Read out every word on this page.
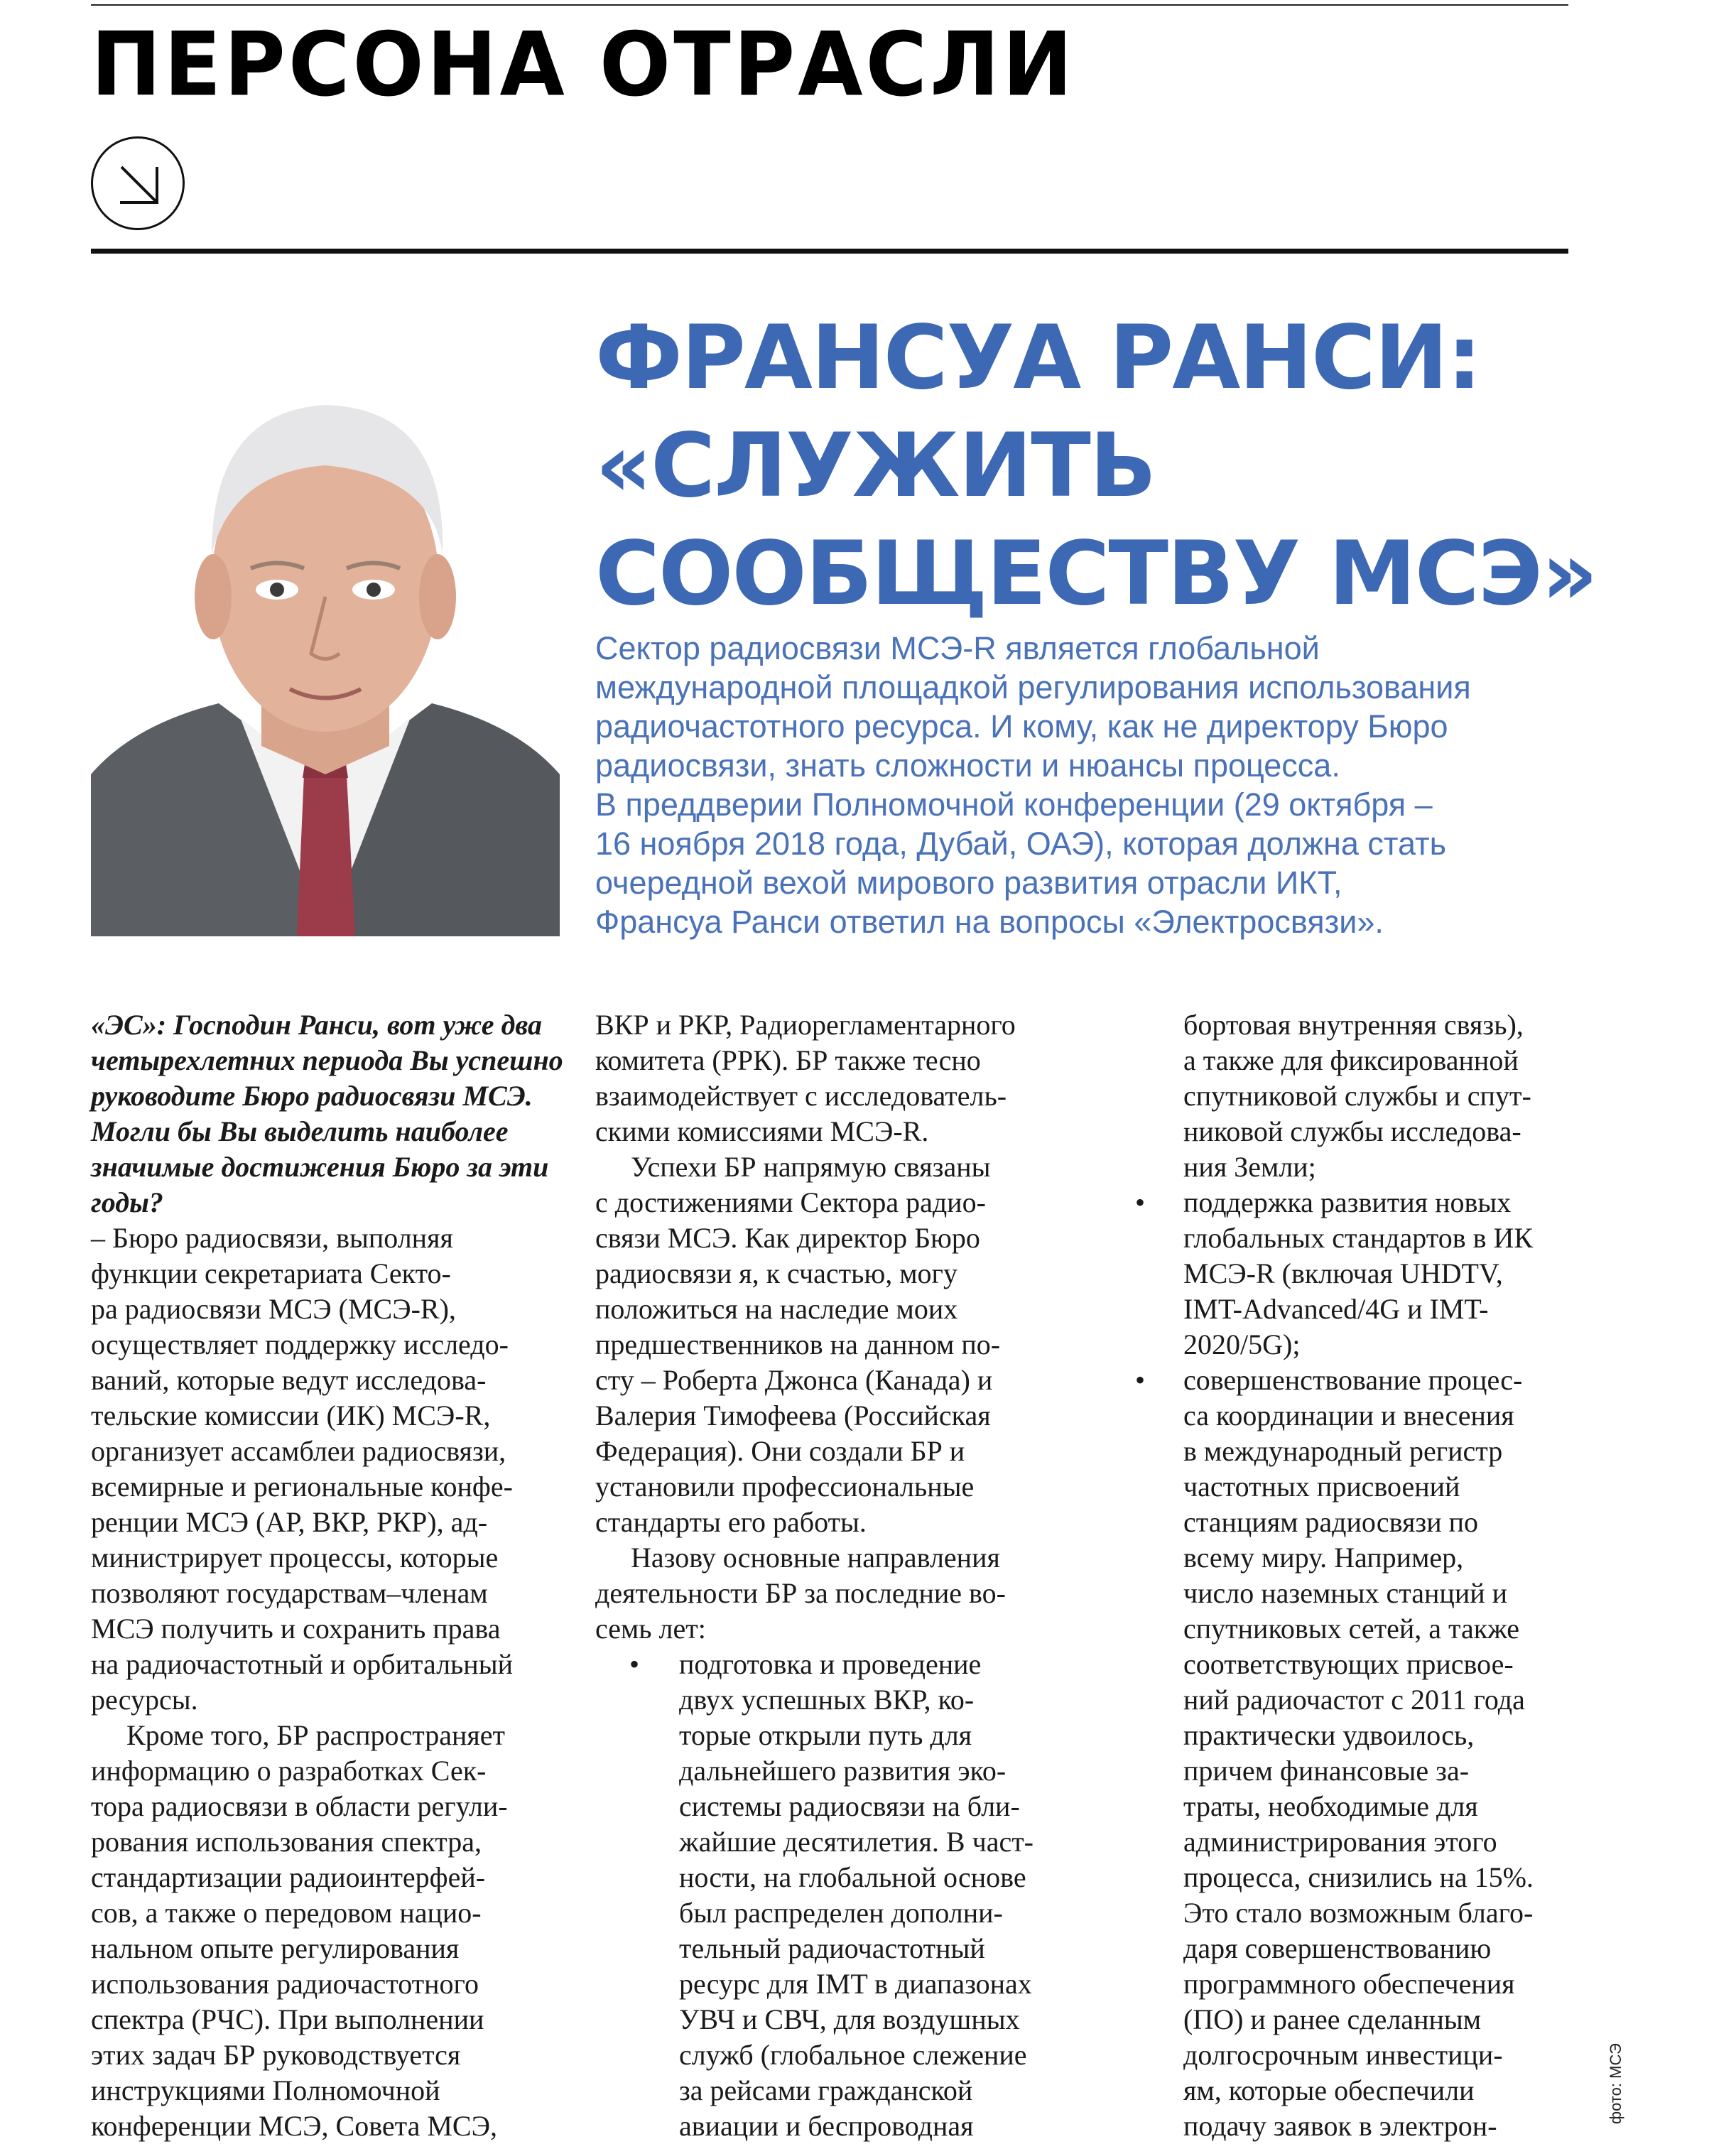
ПЕРСОНА ОТРАСЛИ
ФРАНСУА РАНСИ:
«СЛУЖИТЬ
СООБЩЕСТВУ МСЭ»
Сектор радиосвязи МСЭ-R является глобальной
международной площадкой регулирования использования
радиочастотного ресурса. И кому, как не директору Бюро
радиосвязи, знать сложности и нюансы процесса.
В преддверии Полномочной конференции (29 октября –
16 ноября 2018 года, Дубай, ОАЭ), которая должна стать
очередной вехой мирового развития отрасли ИКТ,
Франсуа Ранси ответил на вопросы «Электросвязи».
«ЭС»: Господин Ранси, вот уже два
четырехлетних периода Вы успешно
руководите Бюро радиосвязи МСЭ.
Могли бы Вы выделить наиболее
значимые достижения Бюро за эти
годы?
– Бюро радиосвязи, выполняя
функции секретариата Секто-
ра радиосвязи МСЭ (МСЭ-R),
осуществляет поддержку исследо-
ваний, которые ведут исследова-
тельские комиссии (ИК) МСЭ-R,
организует ассамблеи радиосвязи,
всемирные и региональные конфе-
ренции МСЭ (АР, ВКР, РКР), ад-
министрирует процессы, которые
позволяют государствам–членам
МСЭ получить и сохранить права
на радиочастотный и орбитальный
ресурсы.
Кроме того, БР распространяет
информацию о разработках Сек-
тора радиосвязи в области регули-
рования использования спектра,
стандартизации радиоинтерфей-
сов, а также о передовом нацио-
нальном опыте регулирования
использования радиочастотного
спектра (РЧС). При выполнении
этих задач БР руководствуется
инструкциями Полномочной
конференции МСЭ, Совета МСЭ,
ВКР и РКР, Радиорегламентарного
комитета (РРК). БР также тесно
взаимодействует с исследователь-
скими комиссиями МСЭ-R.
Успехи БР напрямую связаны
с достижениями Сектора радио-
связи МСЭ. Как директор Бюро
радиосвязи я, к счастью, могу
положиться на наследие моих
предшественников на данном по-
сту – Роберта Джонса (Канада) и
Валерия Тимофеева (Российская
Федерация). Они создали БР и
установили профессиональные
стандарты его работы.
Назову основные направления
деятельности БР за последние во-
семь лет:
• подготовка и проведение
двух успешных ВКР, ко-
торые открыли путь для
дальнейшего развития эко-
системы радиосвязи на бли-
жайшие десятилетия. В част-
ности, на глобальной основе
был распределен дополни-
тельный радиочастотный
ресурс для IMT в диапазонах
УВЧ и СВЧ, для воздушных
служб (глобальное слежение
за рейсами гражданской
авиации и беспроводная
бортовая внутренняя связь),
а также для фиксированной
спутниковой службы и спут-
никовой службы исследова-
ния Земли;
• поддержка развития новых
глобальных стандартов в ИК
МСЭ-R (включая UHDTV,
IMT-Advanced/4G и IMT-
2020/5G);
• совершенствование процес-
са координации и внесения
в международный регистр
частотных присвоений
станциям радиосвязи по
всему миру. Например,
число наземных станций и
спутниковых сетей, а также
соответствующих присвое-
ний радиочастот с 2011 года
практически удвоилось,
причем финансовые за-
траты, необходимые для
администрирования этого
процесса, снизились на 15%.
Это стало возможным благо-
даря совершенствованию
программного обеспечения
(ПО) и ранее сделанным
долгосрочным инвестици-
ям, которые обеспечили
подачу заявок в электрон-
фото: МСЭ
